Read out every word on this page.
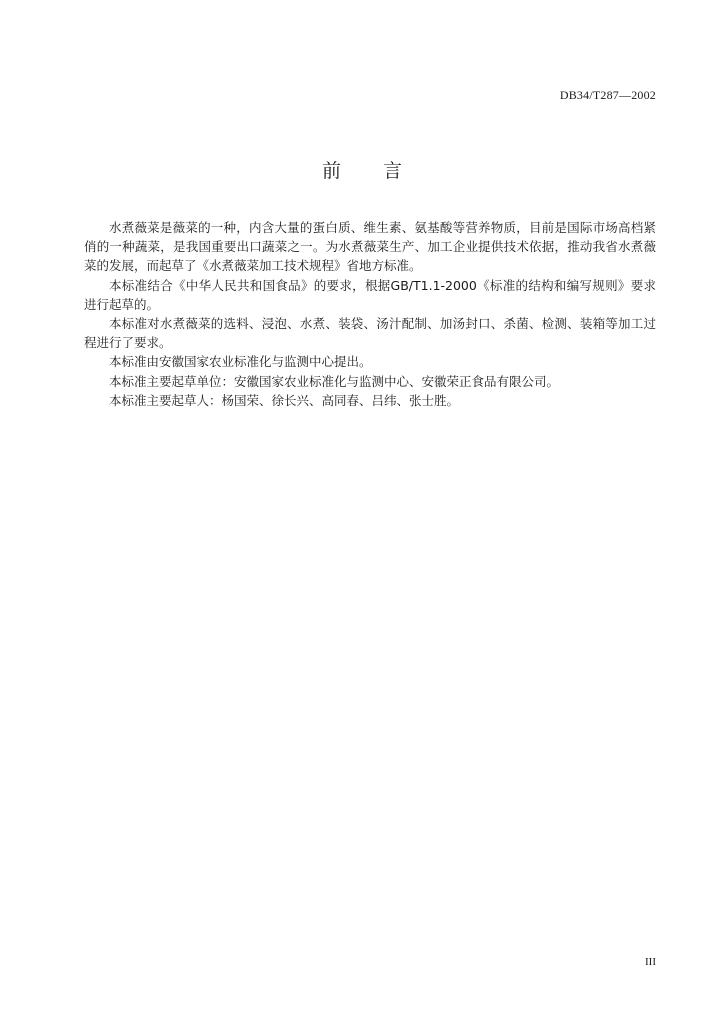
DB34/T287—2002
前 言

水煮薇菜是薇菜的一种，内含大量的蛋白质、维生素、氨基酸等营养物质，目前是国际市场高档紧俏的一种蔬菜，是我国重要出口蔬菜之一。为水煮薇菜生产、加工企业提供技术依据，推动我省水煮薇菜的发展，而起草了《水煮薇菜加工技术规程》省地方标准。

本标准结合《中华人民共和国食品》的要求，根据GB/T1.1-2000《标准的结构和编写规则》要求进行起草的。

本标准对水煮薇菜的选料、浸泡、水煮、装袋、汤汁配制、加汤封口、杀菌、检测、装箱等加工过程进行了要求。

本标准由安徽国家农业标准化与监测中心提出。

本标准主要起草单位：安徽国家农业标准化与监测中心、安徽荣正食品有限公司。

本标准主要起草人：杨国荣、徐长兴、高同春、吕纬、张士胜。

III
